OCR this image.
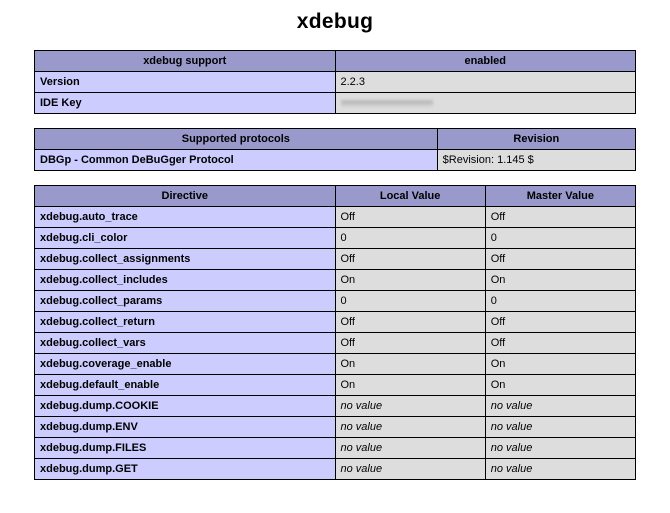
xdebug
xdebug support	enabled
Version	2.2.3
IDE Key	
Supported protocols	Revision
DBGp - Common DeBuGger Protocol	$Revision: 1.145 $
Directive	Local Value	Master Value
xdebug.auto_trace	Off	Off
xdebug.cli_color	0	0
xdebug.collect_assignments	Off	Off
xdebug.collect_includes	On	On
xdebug.collect_params	0	0
xdebug.collect_return	Off	Off
xdebug.collect_vars	Off	Off
xdebug.coverage_enable	On	On
xdebug.default_enable	On	On
xdebug.dump.COOKIE	no value	no value
xdebug.dump.ENV	no value	no value
xdebug.dump.FILES	no value	no value
xdebug.dump.GET	no value	no value
